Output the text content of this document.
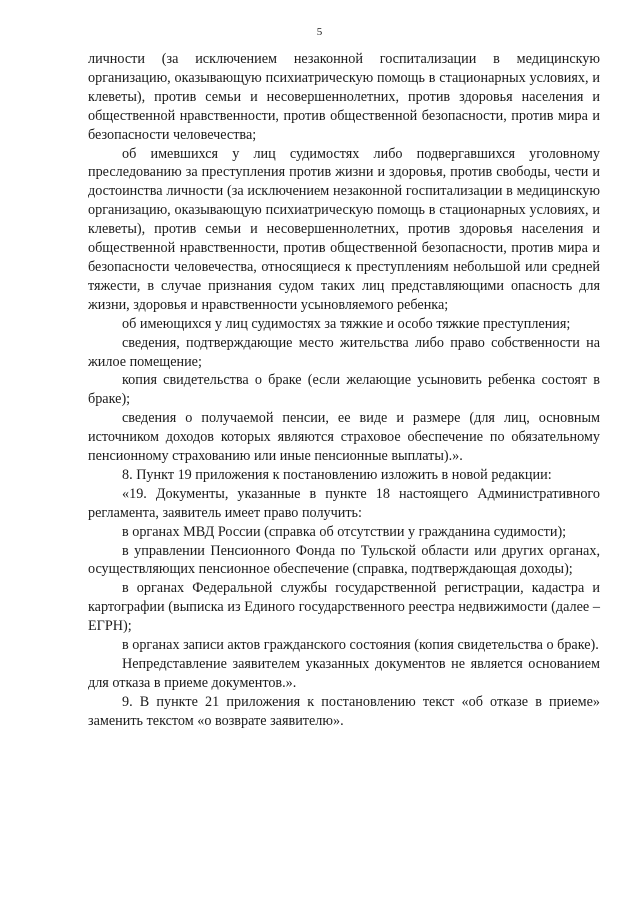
5

личности (за исключением незаконной госпитализации в медицинскую организацию, оказывающую психиатрическую помощь в стационарных условиях, и клеветы), против семьи и несовершеннолетних, против здоровья населения и общественной нравственности, против общественной безопасности, против мира и безопасности человечества;

об имевшихся у лиц судимостях либо подвергавшихся уголовному преследованию за преступления против жизни и здоровья, против свободы, чести и достоинства личности (за исключением незаконной госпитализации в медицинскую организацию, оказывающую психиатрическую помощь в стационарных условиях, и клеветы), против семьи и несовершеннолетних, против здоровья населения и общественной нравственности, против общественной безопасности, против мира и безопасности человечества, относящиеся к преступлениям небольшой или средней тяжести, в случае признания судом таких лиц представляющими опасность для жизни, здоровья и нравственности усыновляемого ребенка;

об имеющихся у лиц судимостях за тяжкие и особо тяжкие преступления;

сведения, подтверждающие место жительства либо право собственности на жилое помещение;

копия свидетельства о браке (если желающие усыновить ребенка состоят в браке);

сведения о получаемой пенсии, ее виде и размере (для лиц, основным источником доходов которых являются страховое обеспечение по обязательному пенсионному страхованию или иные пенсионные выплаты).».

8. Пункт 19 приложения к постановлению изложить в новой редакции:

«19. Документы, указанные в пункте 18 настоящего Административного регламента, заявитель имеет право получить:

в органах МВД России (справка об отсутствии у гражданина судимости);

в управлении Пенсионного Фонда по Тульской области или других органах, осуществляющих пенсионное обеспечение (справка, подтверждающая доходы);

в органах Федеральной службы государственной регистрации, кадастра и картографии (выписка из Единого государственного реестра недвижимости (далее – ЕГРН);

в органах записи актов гражданского состояния (копия свидетельства о браке).

Непредставление заявителем указанных документов не является основанием для отказа в приеме документов.».

9. В пункте 21 приложения к постановлению текст «об отказе в приеме» заменить текстом «о возврате заявителю».
